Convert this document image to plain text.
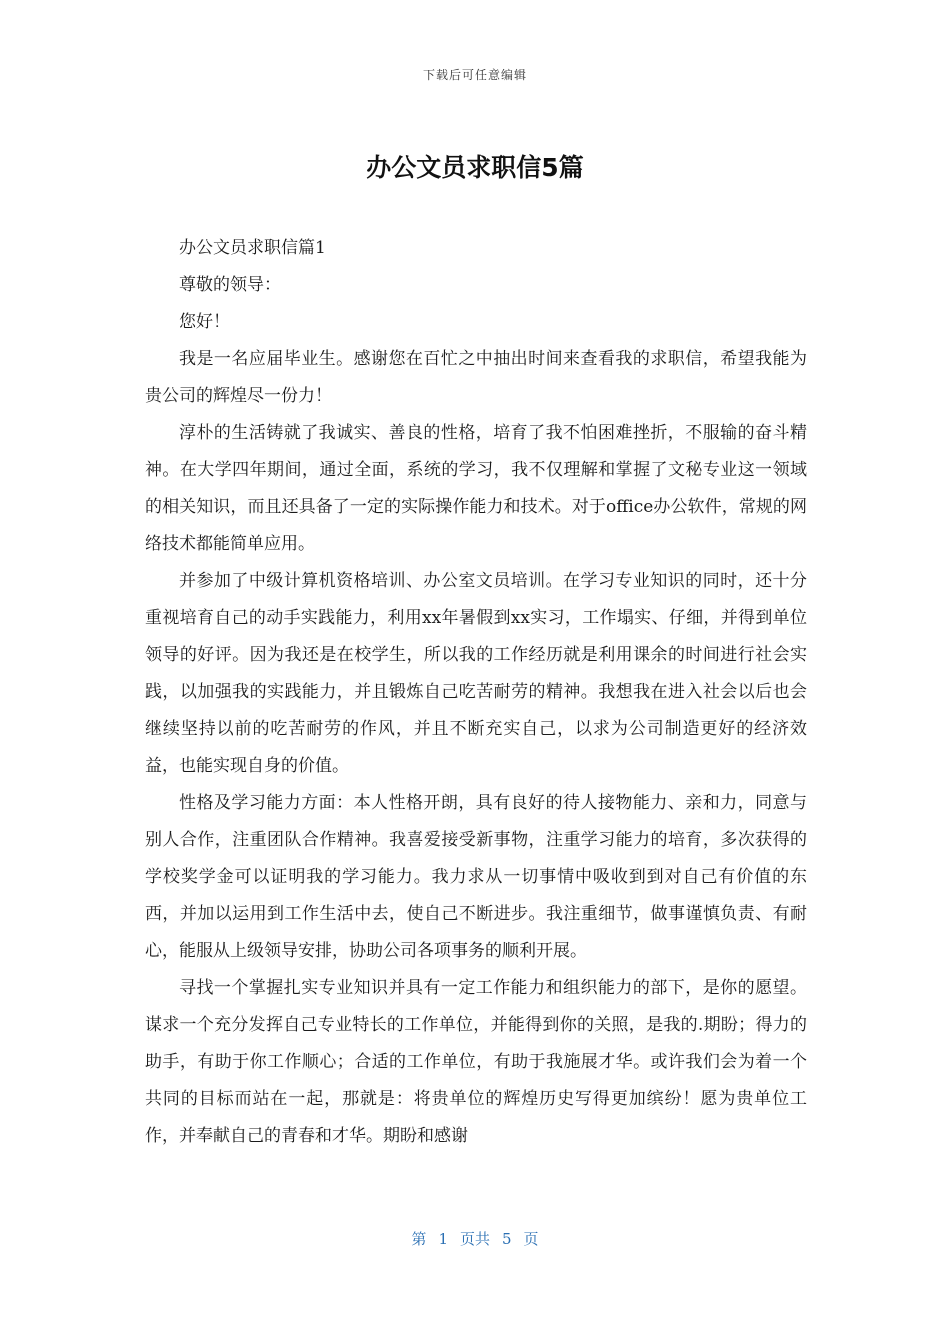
下载后可任意编辑
办公文员求职信5篇

办公文员求职信篇1

尊敬的领导：

您好！

我是一名应届毕业生。感谢您在百忙之中抽出时间来查看我的求职信，希望我能为贵公司的辉煌尽一份力！

淳朴的生活铸就了我诚实、善良的性格，培育了我不怕困难挫折，不服输的奋斗精神。在大学四年期间，通过全面，系统的学习，我不仅理解和掌握了文秘专业这一领域的相关知识，而且还具备了一定的实际操作能力和技术。对于office办公软件，常规的网络技术都能简单应用。

并参加了中级计算机资格培训、办公室文员培训。在学习专业知识的同时，还十分重视培育自己的动手实践能力，利用xx年暑假到xx实习，工作塌实、仔细，并得到单位领导的好评。因为我还是在校学生，所以我的工作经历就是利用课余的时间进行社会实践，以加强我的实践能力，并且锻炼自己吃苦耐劳的精神。我想我在进入社会以后也会继续坚持以前的吃苦耐劳的作风，并且不断充实自己，以求为公司制造更好的经济效益，也能实现自身的价值。

性格及学习能力方面：本人性格开朗，具有良好的待人接物能力、亲和力，同意与别人合作，注重团队合作精神。我喜爱接受新事物，注重学习能力的培育，多次获得的学校奖学金可以证明我的学习能力。我力求从一切事情中吸收到到对自己有价值的东西，并加以运用到工作生活中去，使自己不断进步。我注重细节，做事谨慎负责、有耐心，能服从上级领导安排，协助公司各项事务的顺利开展。

寻找一个掌握扎实专业知识并具有一定工作能力和组织能力的部下，是你的愿望。谋求一个充分发挥自己专业特长的工作单位，并能得到你的关照，是我的.期盼；得力的助手，有助于你工作顺心；合适的工作单位，有助于我施展才华。或许我们会为着一个共同的目标而站在一起，那就是：将贵单位的辉煌历史写得更加缤纷！愿为贵单位工作，并奉献自己的青春和才华。期盼和感谢

第 1 页共 5 页
